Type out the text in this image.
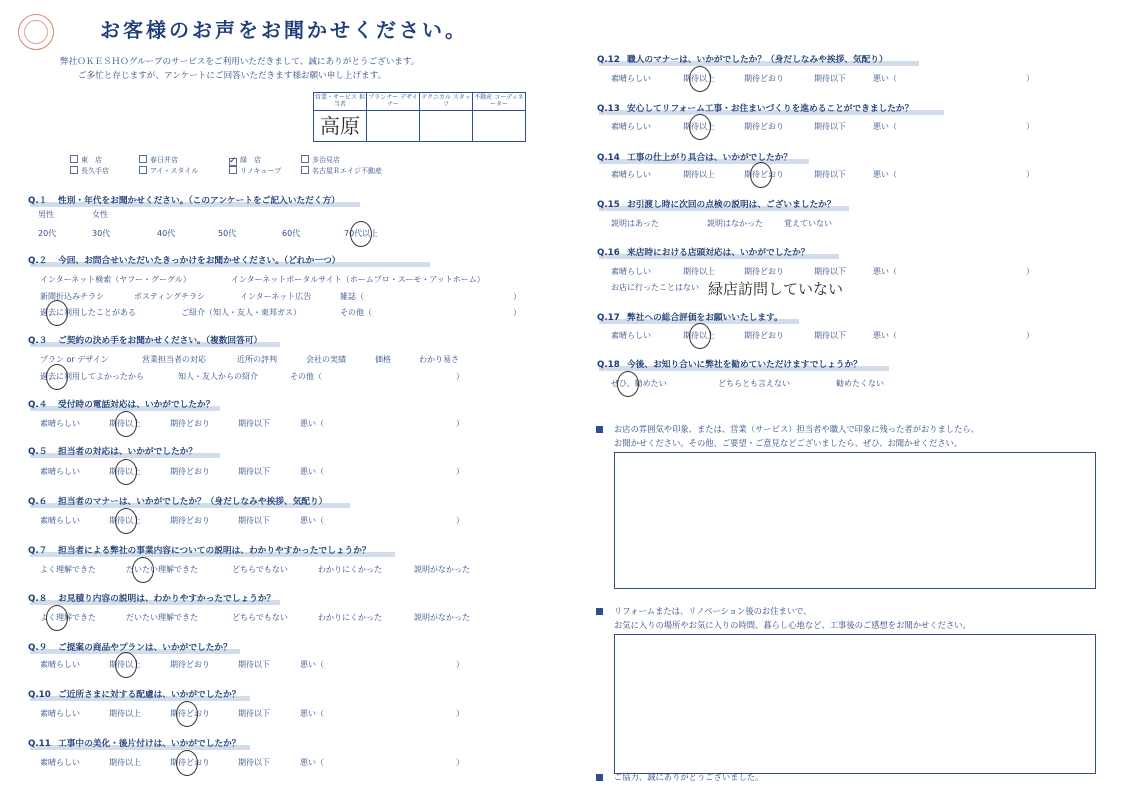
お客様のお声をお聞かせください。
弊社ＯＫＥＳＨＯグループのサービスをご利用いただきまして、誠にありがとうございます。
ご多忙と存じますが、アンケートにご回答いただきます様お願い申し上げます。
営業・サービス 担当者	プランナー デザイナー	テクニカル スタッフ	不動産 コーディネーター
高原			
東　店	春日井店	✓ 緑　店	多治見店
長久手店	アイ・スタイル	リノキューブ	名古屋Ｒエイジ不動産
Q.１ 性別・年代をお聞かせください。（このアンケートをご記入いただく方）
男性	女性
20代	30代	40代	50代	60代	70代以上
Q.２ 今回、お問合せいただいたきっかけをお聞かせください。（どれか一つ）
インターネット検索（ヤフー・グーグル）	インターネットポータルサイト（ホームプロ・スーモ・アットホーム）
新聞折込みチラシ	ポスティングチラシ	インターネット広告	雑誌（	）
過去に利用したことがある	ご紹介（知人・友人・東邦ガス）	その他（	）
Q.３ ご契約の決め手をお聞かせください。（複数回答可）
プラン or デザイン	営業担当者の対応	近所の評判	会社の実績	価格	わかり易さ
過去に利用してよかったから	知人・友人からの紹介	その他（	）
Q.４ 受付時の電話対応は、いかがでしたか？
素晴らしい	期待以上	期待どおり	期待以下	悪い（	）
Q.５ 担当者の対応は、いかがでしたか？
素晴らしい	期待以上	期待どおり	期待以下	悪い（	）
Q.６ 担当者のマナーは、いかがでしたか？（身だしなみや挨拶、気配り）
素晴らしい	期待以上	期待どおり	期待以下	悪い（	）
Q.７ 担当者による弊社の事業内容についての説明は、わかりやすかったでしょうか？
よく理解できた	だいたい理解できた	どちらでもない	わかりにくかった	説明がなかった
Q.８ お見積り内容の説明は、わかりやすかったでしょうか？
よく理解できた	だいたい理解できた	どちらでもない	わかりにくかった	説明がなかった
Q.９ ご提案の商品やプランは、いかがでしたか？
素晴らしい	期待以上	期待どおり	期待以下	悪い（	）
Q.10 ご近所さまに対する配慮は、いかがでしたか？
素晴らしい	期待以上	期待どおり	期待以下	悪い（	）
Q.11 工事中の美化・後片付けは、いかがでしたか？
素晴らしい	期待以上	期待どおり	期待以下	悪い（	）
Q.12 職人のマナーは、いかがでしたか？（身だしなみや挨拶、気配り）
素晴らしい	期待以上	期待どおり	期待以下	悪い（	）
Q.13 安心してリフォーム工事・お住まいづくりを進めることができましたか？
素晴らしい	期待以上	期待どおり	期待以下	悪い（	）
Q.14 工事の仕上がり具合は、いかがでしたか？
素晴らしい	期待以上	期待どおり	期待以下	悪い（	）
Q.15 お引渡し時に次回の点検の説明は、ございましたか？
説明はあった	説明はなかった	覚えていない
Q.16 来店時における店頭対応は、いかがでしたか？
素晴らしい	期待以上	期待どおり	期待以下	悪い（	）
お店に行ったことはない 緑店訪問していない
Q.17 弊社への総合評価をお願いいたします。
素晴らしい	期待以上	期待どおり	期待以下	悪い（	）
Q.18 今後、お知り合いに弊社を勧めていただけますでしょうか？
ぜひ、勧めたい	どちらとも言えない	勧めたくない
お店の雰囲気や印象、または、営業（サービス）担当者や職人で印象に残った者がおりましたら、
お聞かせください。その他、ご要望・ご意見などございましたら、ぜひ、お聞かせください。
リフォームまたは、リノベーション後のお住まいで、
お気に入りの場所やお気に入りの時間、暮らし心地など、工事後のご感想をお聞かせください。
ご協力、誠にありがとうございました。
